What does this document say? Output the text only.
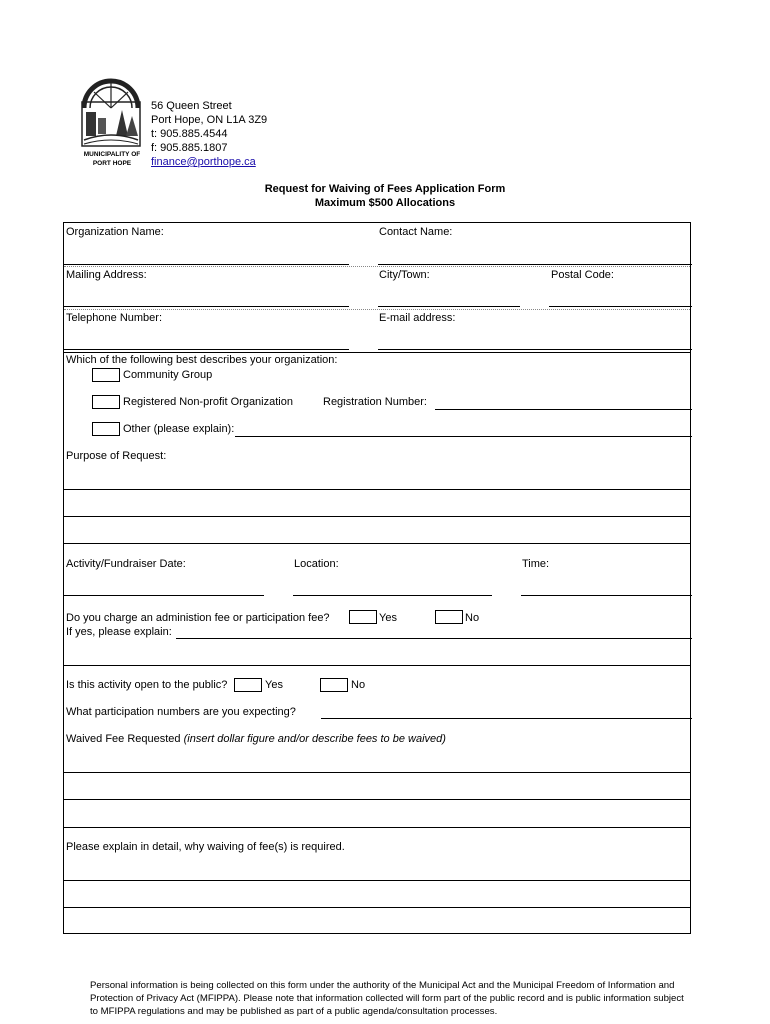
MUNICIPALITY OF PORT HOPE
56 Queen Street
Port Hope, ON L1A 3Z9
t: 905.885.4544
f: 905.885.1807
finance@porthope.ca
Request for Waiving of Fees Application Form
Maximum $500 Allocations
Organization Name:	Contact Name:
Mailing Address:	City/Town:	Postal Code:
Telephone Number:	E-mail address:
Which of the following best describes your organization:
Community Group
Registered Non-profit Organization	Registration Number:
Other (please explain):
Purpose of Request:
Activity/Fundraiser Date:	Location:	Time:
Do you charge an administion fee or participation fee?	Yes	No
If yes, please explain:
Is this activity open to the public?	Yes	No
What participation numbers are you expecting?
Waived Fee Requested (insert dollar figure and/or describe fees to be waived)
Please explain in detail, why waiving of fee(s) is required.
Personal information is being collected on this form under the authority of the Municipal Act and the Municipal Freedom of Information and Protection of Privacy Act (MFIPPA). Please note that information collected will form part of the public record and is public information subject to MFIPPA regulations and may be published as part of a public agenda/consultation processes.
